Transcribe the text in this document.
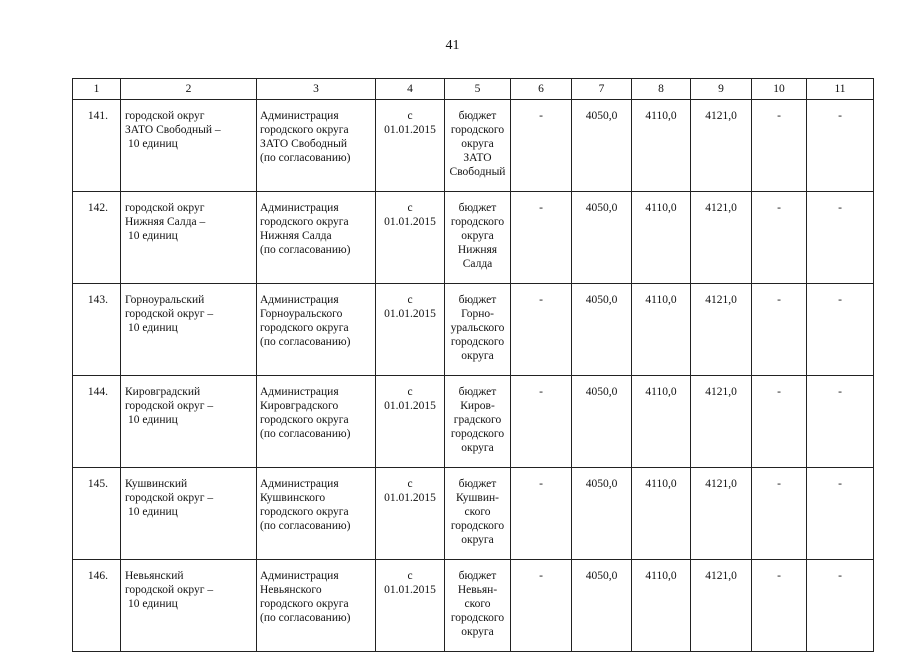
41
1	2	3	4	5	6	7	8	9	10	11

141.	городской округ
ЗАТО Свободный –
10 единиц	Администрация
городского округа
ЗАТО Свободный
(по согласованию)	с
01.01.2015	бюджет
городского
округа
ЗАТО
Свободный	-	4050,0	4110,0	4121,0	-	-

142.	городской округ
Нижняя Салда –
10 единиц	Администрация
городского округа
Нижняя Салда
(по согласованию)	с
01.01.2015	бюджет
городского
округа
Нижняя
Салда	-	4050,0	4110,0	4121,0	-	-

143.	Горноуральский
городской округ –
10 единиц	Администрация
Горноуральского
городского округа
(по согласованию)	с
01.01.2015	бюджет
Горно-
уральского
городского
округа	-	4050,0	4110,0	4121,0	-	-

144.	Кировградский
городской округ –
10 единиц	Администрация
Кировградского
городского округа
(по согласованию)	с
01.01.2015	бюджет
Киров-
градского
городского
округа	-	4050,0	4110,0	4121,0	-	-

145.	Кушвинский
городской округ –
10 единиц	Администрация
Кушвинского
городского округа
(по согласованию)	с
01.01.2015	бюджет
Кушвин-
ского
городского
округа	-	4050,0	4110,0	4121,0	-	-

146.	Невьянский
городской округ –
10 единиц	Администрация
Невьянского
городского округа
(по согласованию)	с
01.01.2015	бюджет
Невьян-
ского
городского
округа	-	4050,0	4110,0	4121,0	-	-
